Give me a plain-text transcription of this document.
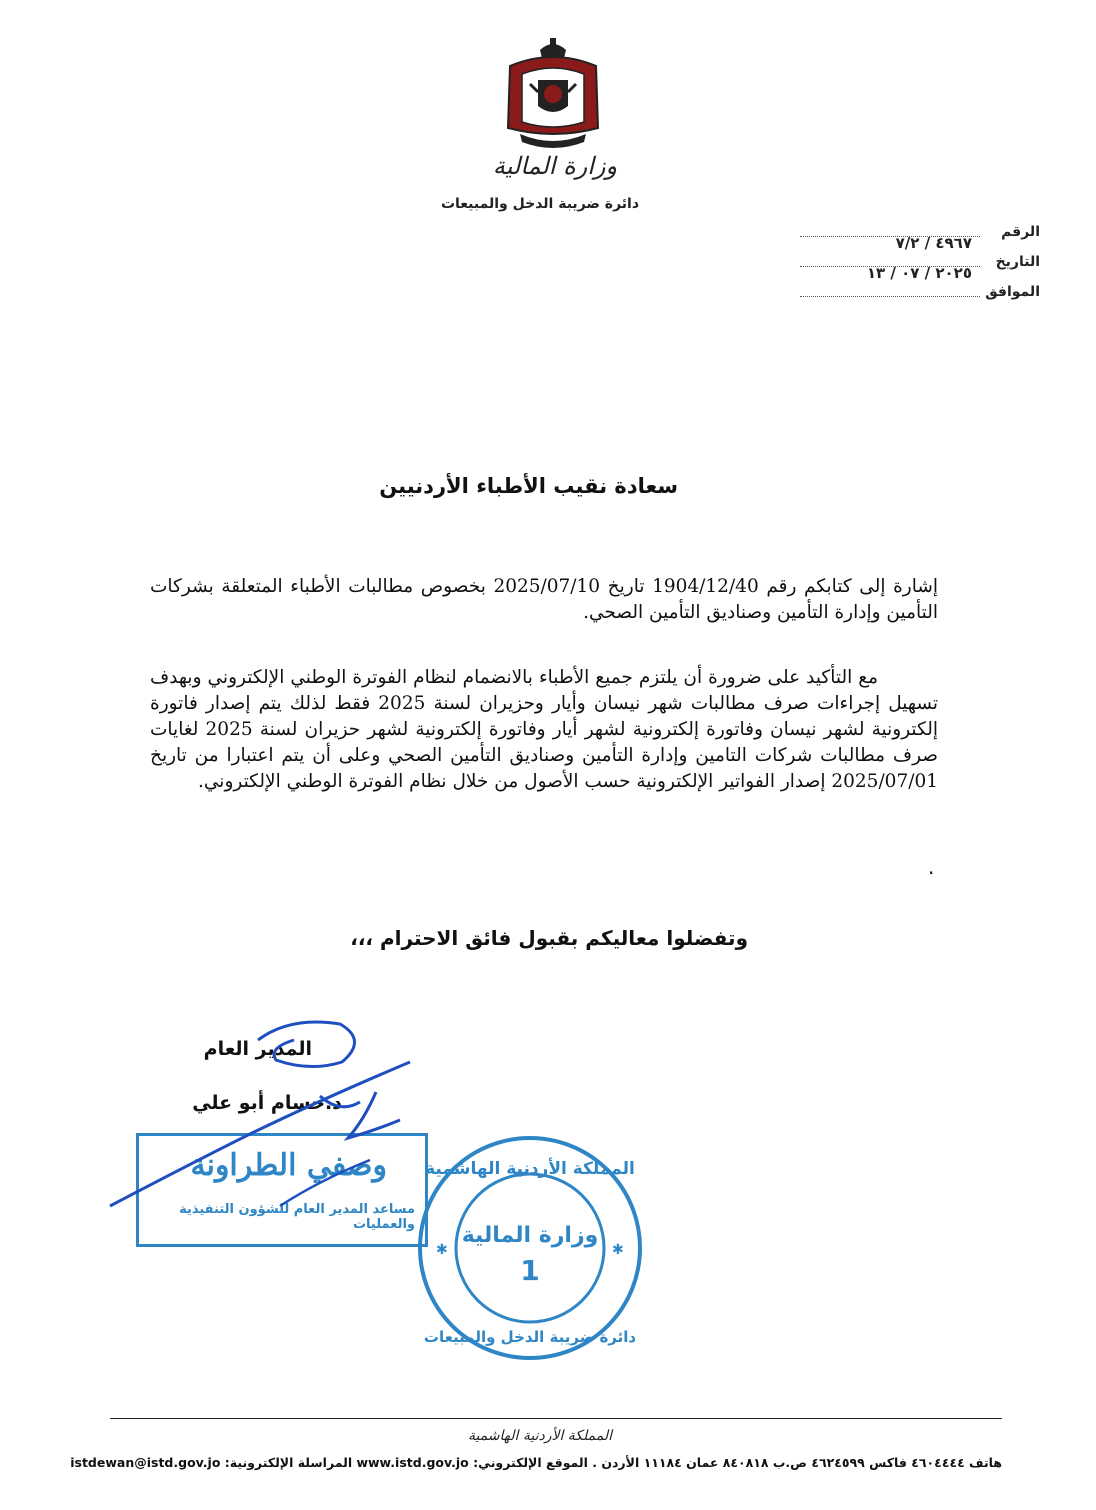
وزارة المالية
دائرة ضريبة الدخل والمبيعات
الرقم
٤٩٦٧ / ٧/٢
التاريخ
٢٠٢٥ / ٠٧ / ١٣
الموافق
سعادة نقيب الأطباء الأردنيين
إشارة إلى كتابكم رقم 1904/12/40 تاريخ 2025/07/10 بخصوص مطالبات الأطباء المتعلقة بشركات التأمين وإدارة التأمين وصناديق التأمين الصحي.
مع التأكيد على ضرورة أن يلتزم جميع الأطباء بالانضمام لنظام الفوترة الوطني الإلكتروني وبهدف تسهيل إجراءات صرف مطالبات شهر نيسان وأيار وحزيران لسنة 2025 فقط لذلك يتم إصدار فاتورة إلكترونية لشهر نيسان وفاتورة إلكترونية لشهر أيار وفاتورة إلكترونية لشهر حزيران لسنة 2025 لغايات صرف مطالبات شركات التامين وإدارة التأمين وصناديق التأمين الصحي وعلى أن يتم اعتبارا من تاريخ 2025/07/01 إصدار الفواتير الإلكترونية حسب الأصول من خلال نظام الفوترة الوطني الإلكتروني.
.
وتفضلوا معاليكم بقبول فائق الاحترام ،،،
المدير العام
د.حسام أبو علي
وصفي الطراونة
مساعد المدير العام للشؤون التنفيذية والعمليات
المملكة الأردنية الهاشمية
وزارة المالية
1
دائرة ضريبة الدخل والمبيعات
✱	✱
المملكة الأردنية الهاشمية
هاتف ٤٦٠٤٤٤٤ فاكس ٤٦٢٤٥٩٩ ص.ب ٨٤٠٨١٨ عمان ١١١٨٤ الأردن . الموقع الإلكتروني: www.istd.gov.jo المراسلة الإلكترونية: istdewan@istd.gov.jo
